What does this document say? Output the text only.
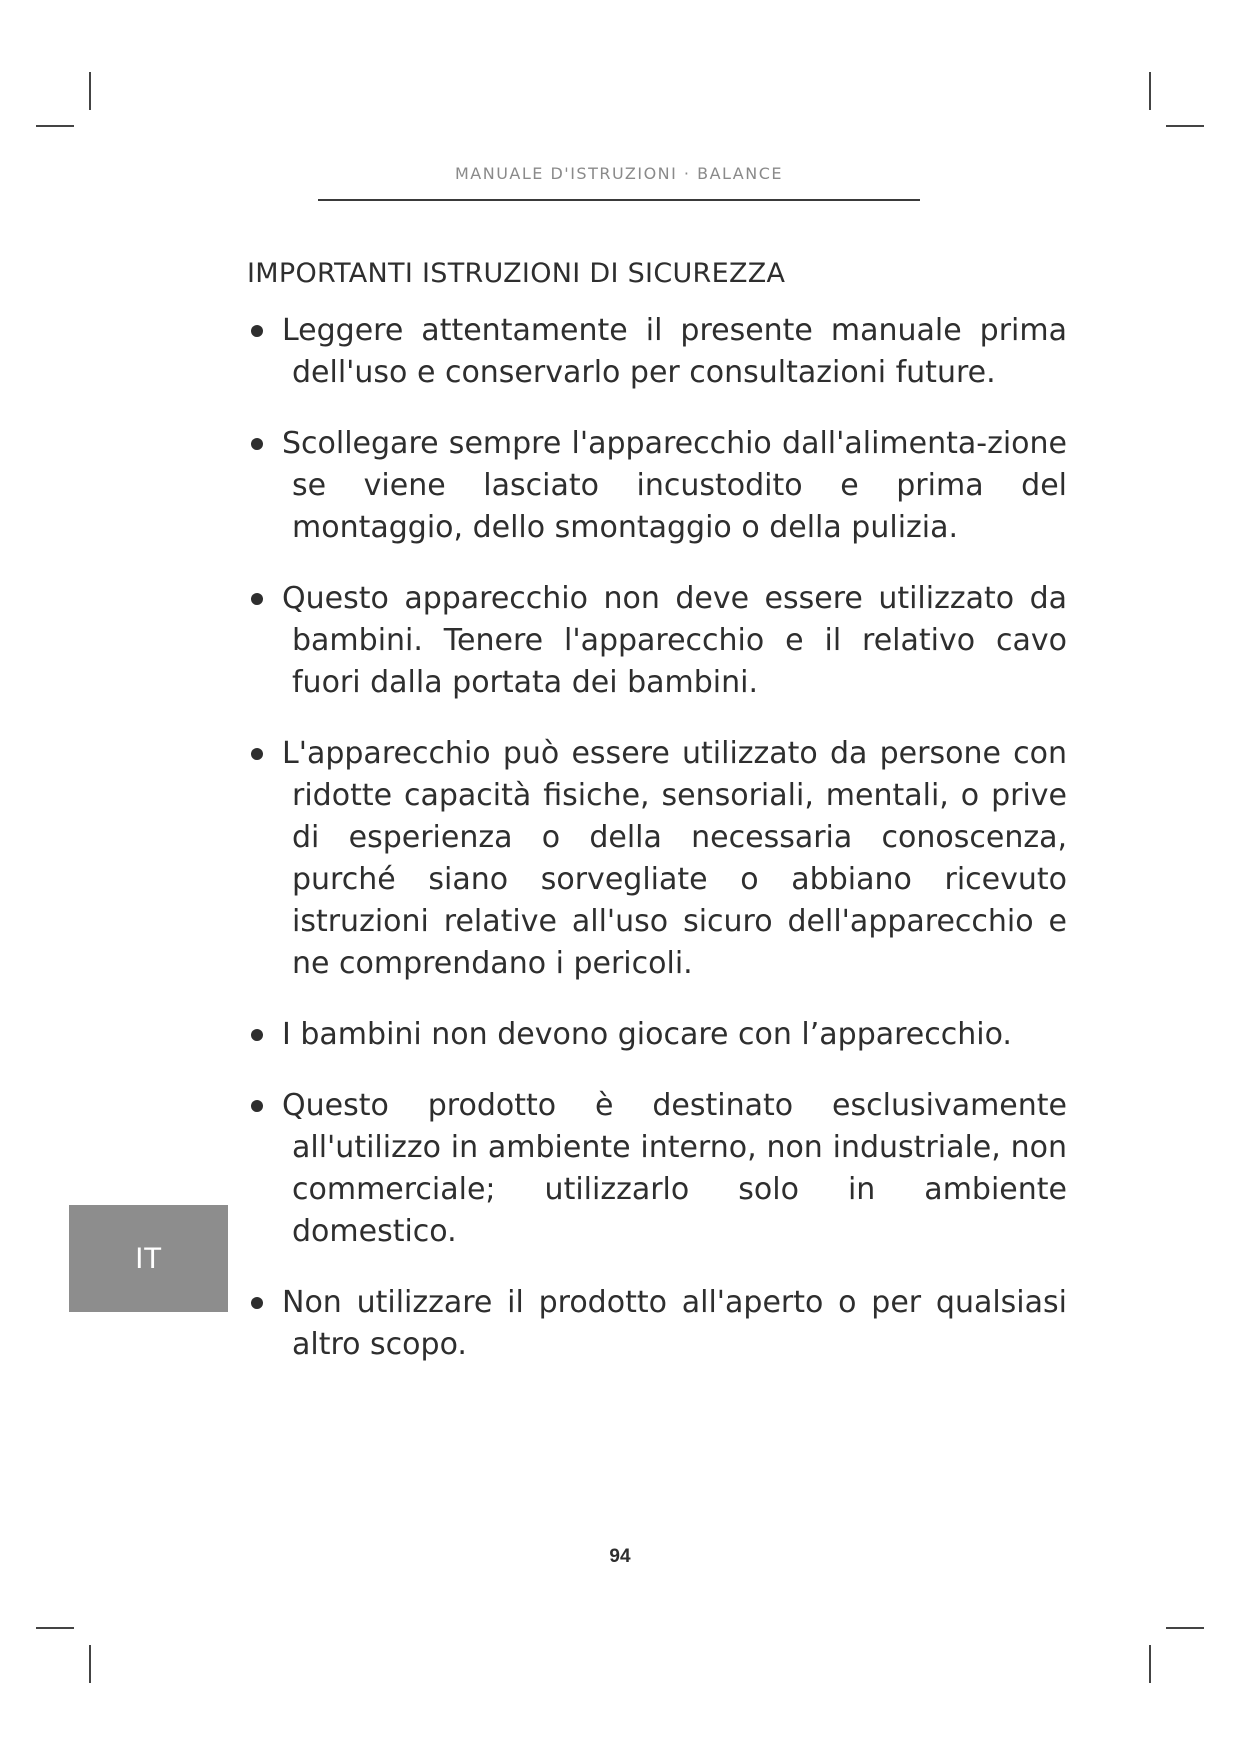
MANUALE D'ISTRUZIONI · BALANCE
IMPORTANTI ISTRUZIONI DI SICUREZZA
Leggere attentamente il presente manuale prima dell'uso e conservarlo per consultazioni future.
Scollegare sempre l'apparecchio dall'alimenta-zione se viene lasciato incustodito e prima del montaggio, dello smontaggio o della pulizia.
Questo apparecchio non deve essere utilizzato da bambini. Tenere l'apparecchio e il relativo cavo fuori dalla portata dei bambini.
L'apparecchio può essere utilizzato da persone con ridotte capacità fisiche, sensoriali, mentali, o prive di esperienza o della necessaria conoscenza, purché siano sorvegliate o abbiano ricevuto istruzioni relative all'uso sicuro dell'apparecchio e ne comprendano i pericoli.
I bambini non devono giocare con l’apparecchio.
Questo prodotto è destinato esclusivamente all'utilizzo in ambiente interno, non industriale, non commerciale; utilizzarlo solo in ambiente domestico.
Non utilizzare il prodotto all'aperto o per qualsiasi altro scopo.
IT
94
